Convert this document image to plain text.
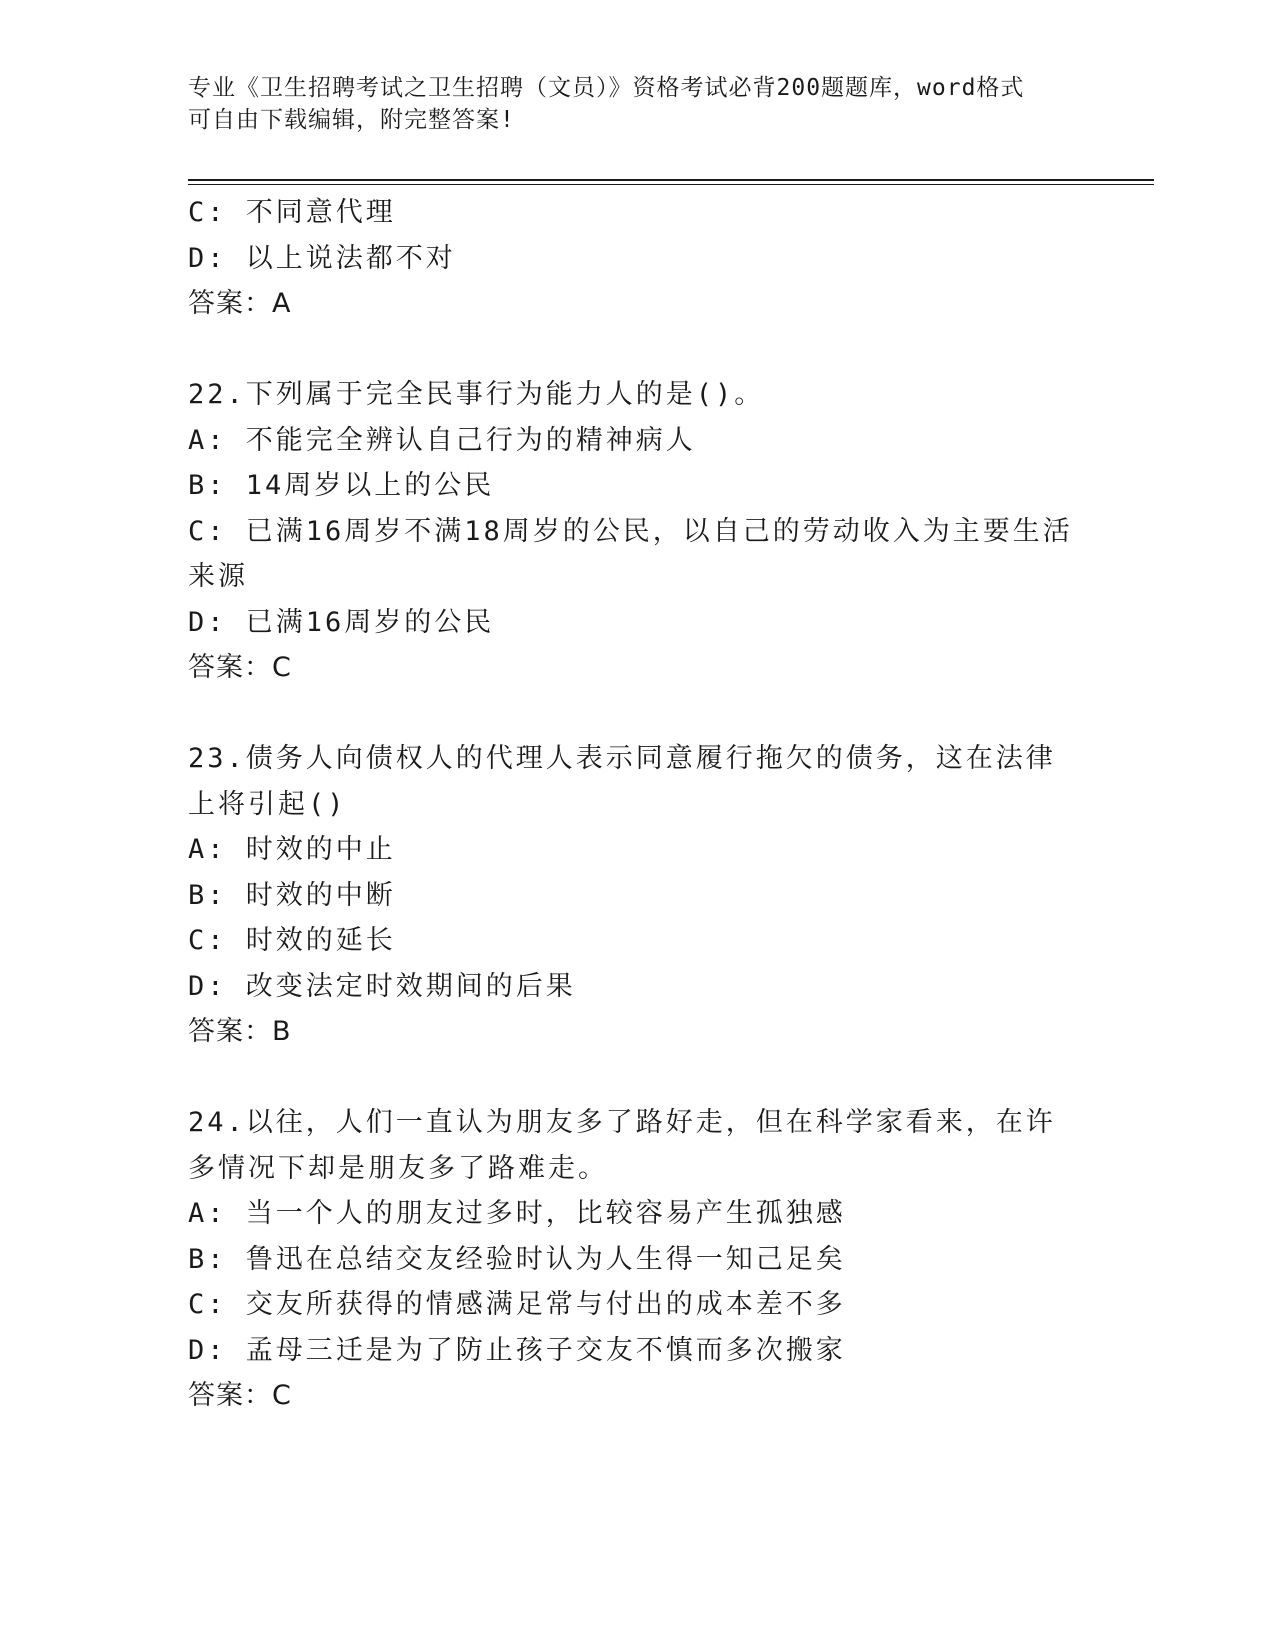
专业《卫生招聘考试之卫生招聘（文员）》资格考试必背200题题库，word格式
可自由下载编辑，附完整答案!
C: 不同意代理
D: 以上说法都不对
答案：A
22.下列属于完全民事行为能力人的是()。
A: 不能完全辨认自己行为的精神病人
B: 14周岁以上的公民
C: 已满16周岁不满18周岁的公民，以自己的劳动收入为主要生活来源
D: 已满16周岁的公民
答案：C
23.债务人向债权人的代理人表示同意履行拖欠的债务，这在法律上将引起()
A: 时效的中止
B: 时效的中断
C: 时效的延长
D: 改变法定时效期间的后果
答案：B
24.以往，人们一直认为朋友多了路好走，但在科学家看来，在许多情况下却是朋友多了路难走。
A: 当一个人的朋友过多时，比较容易产生孤独感
B: 鲁迅在总结交友经验时认为人生得一知己足矣
C: 交友所获得的情感满足常与付出的成本差不多
D: 孟母三迁是为了防止孩子交友不慎而多次搬家
答案：C
